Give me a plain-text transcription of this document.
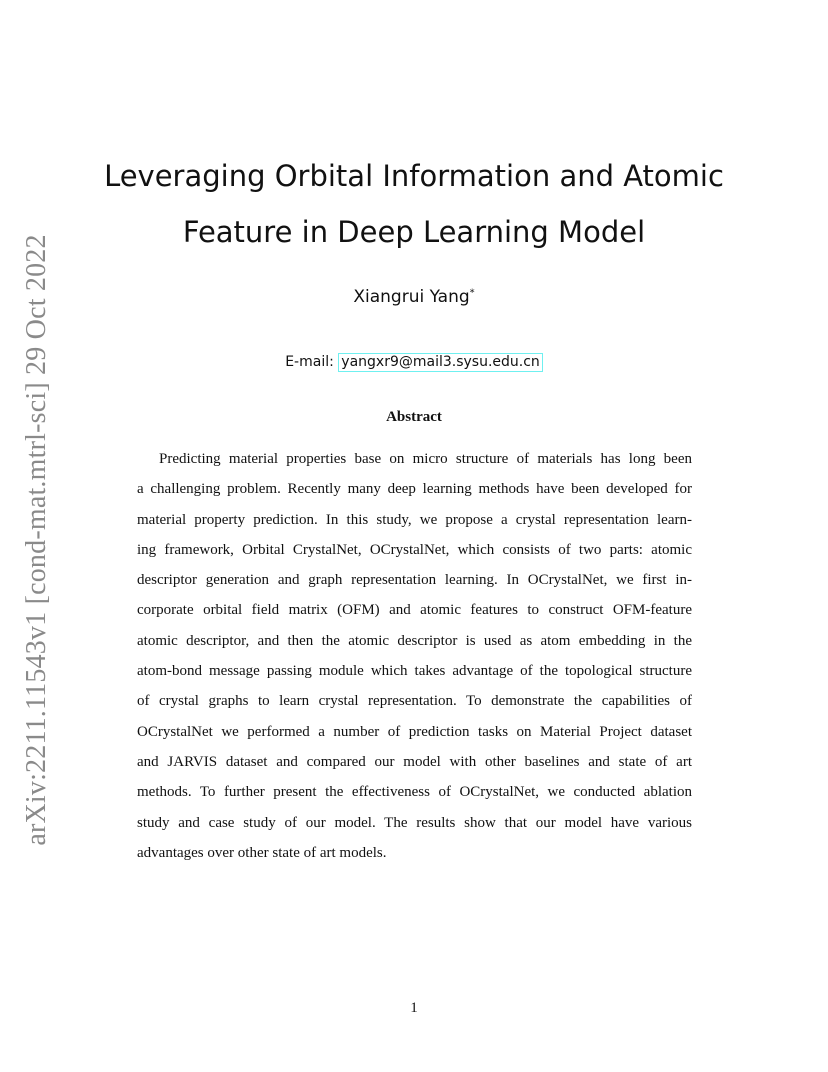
arXiv:2211.11543v1 [cond-mat.mtrl-sci] 29 Oct 2022
Leveraging Orbital Information and Atomic
Feature in Deep Learning Model
Xiangrui Yang*
E-mail: yangxr9@mail3.sysu.edu.cn
Abstract
Predicting material properties base on micro structure of materials has long been
a challenging problem. Recently many deep learning methods have been developed for
material property prediction. In this study, we propose a crystal representation learn-
ing framework, Orbital CrystalNet, OCrystalNet, which consists of two parts: atomic
descriptor generation and graph representation learning. In OCrystalNet, we first in-
corporate orbital field matrix (OFM) and atomic features to construct OFM-feature
atomic descriptor, and then the atomic descriptor is used as atom embedding in the
atom-bond message passing module which takes advantage of the topological structure
of crystal graphs to learn crystal representation. To demonstrate the capabilities of
OCrystalNet we performed a number of prediction tasks on Material Project dataset
and JARVIS dataset and compared our model with other baselines and state of art
methods. To further present the effectiveness of OCrystalNet, we conducted ablation
study and case study of our model. The results show that our model have various
advantages over other state of art models.
1
